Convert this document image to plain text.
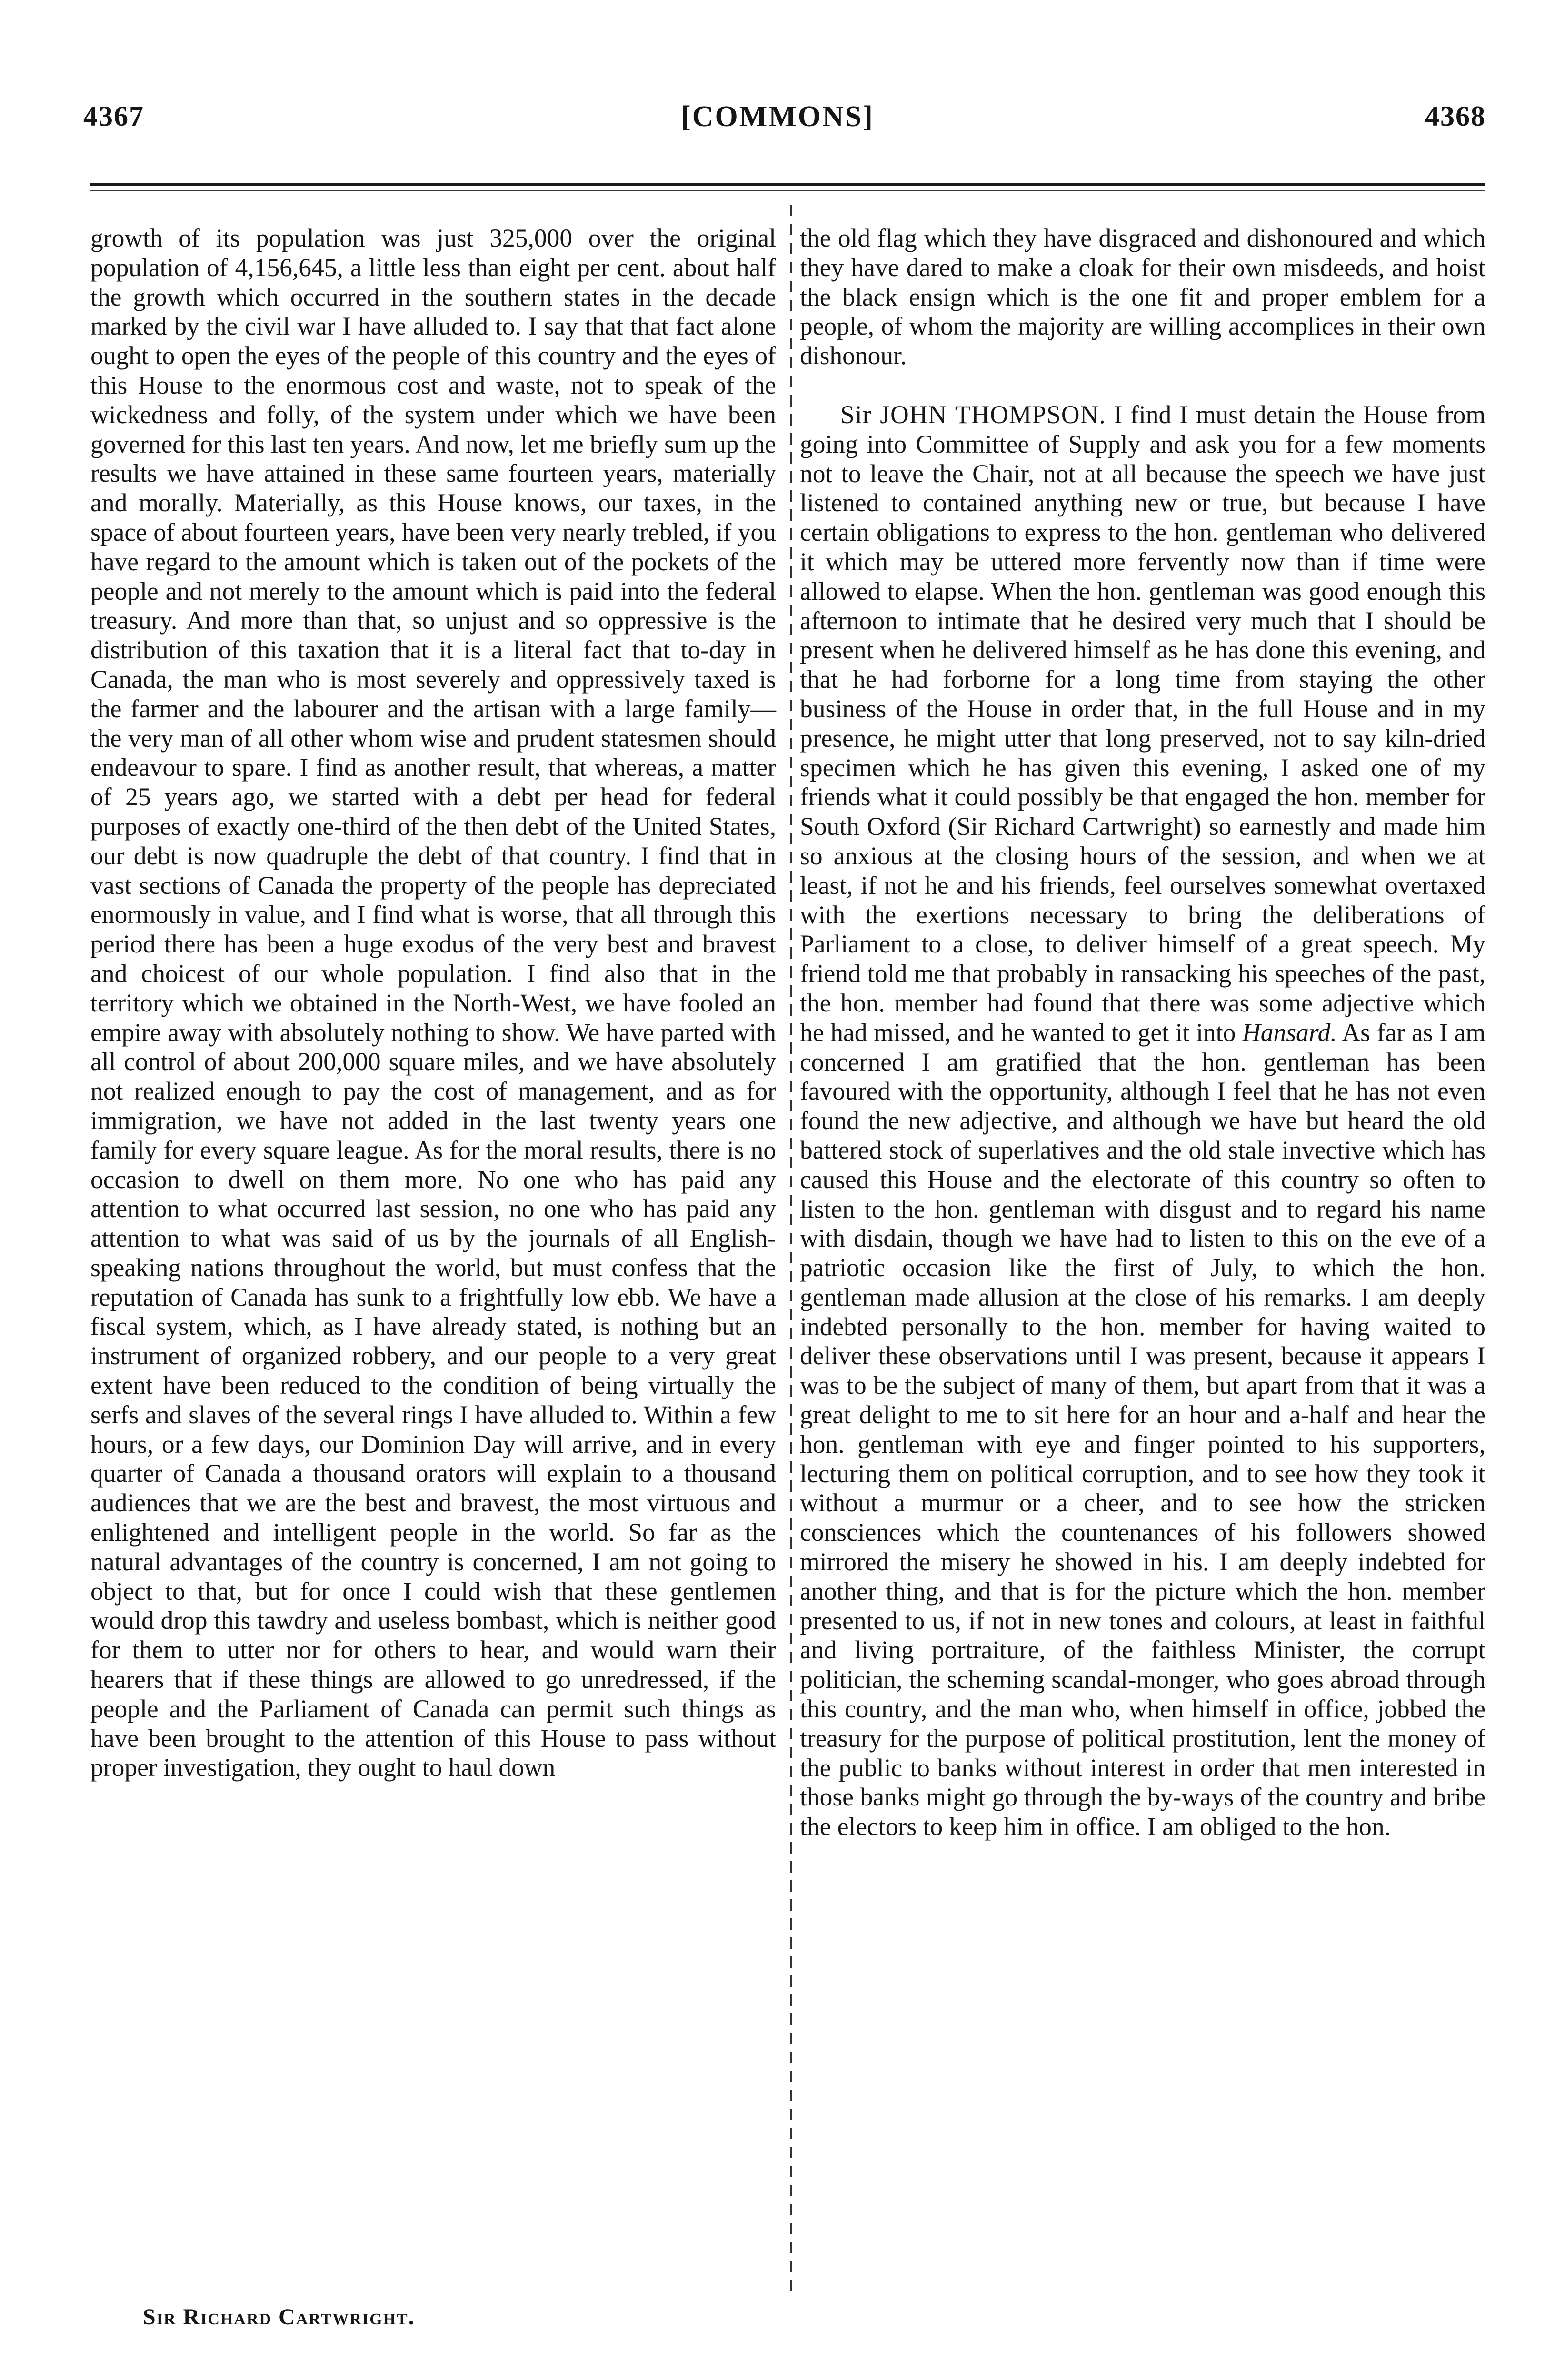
4367	[COMMONS]	4368

growth of its population was just 325,000 over the original population of 4,156,645, a little less than eight per cent. about half the growth which occurred in the southern states in the decade marked by the civil war I have alluded to. I say that that fact alone ought to open the eyes of the people of this country and the eyes of this House to the enormous cost and waste, not to speak of the wickedness and folly, of the system under which we have been governed for this last ten years. And now, let me briefly sum up the results we have attained in these same fourteen years, materially and morally. Materially, as this House knows, our taxes, in the space of about fourteen years, have been very nearly trebled, if you have regard to the amount which is taken out of the pockets of the people and not merely to the amount which is paid into the federal treasury. And more than that, so unjust and so oppressive is the distribution of this taxation that it is a literal fact that to-day in Canada, the man who is most severely and oppressively taxed is the farmer and the labourer and the artisan with a large family—the very man of all other whom wise and prudent statesmen should endeavour to spare. I find as another result, that whereas, a matter of 25 years ago, we started with a debt per head for federal purposes of exactly one-third of the then debt of the United States, our debt is now quadruple the debt of that country. I find that in vast sections of Canada the property of the people has depreciated enormously in value, and I find what is worse, that all through this period there has been a huge exodus of the very best and bravest and choicest of our whole population. I find also that in the territory which we obtained in the North-West, we have fooled an empire away with absolutely nothing to show. We have parted with all control of about 200,000 square miles, and we have absolutely not realized enough to pay the cost of management, and as for immigration, we have not added in the last twenty years one family for every square league. As for the moral results, there is no occasion to dwell on them more. No one who has paid any attention to what occurred last session, no one who has paid any attention to what was said of us by the journals of all English-speaking nations throughout the world, but must confess that the reputation of Canada has sunk to a frightfully low ebb. We have a fiscal system, which, as I have already stated, is nothing but an instrument of organized robbery, and our people to a very great extent have been reduced to the condition of being virtually the serfs and slaves of the several rings I have alluded to. Within a few hours, or a few days, our Dominion Day will arrive, and in every quarter of Canada a thousand orators will explain to a thousand audiences that we are the best and bravest, the most virtuous and enlightened and intelligent people in the world. So far as the natural advantages of the country is concerned, I am not going to object to that, but for once I could wish that these gentlemen would drop this tawdry and useless bombast, which is neither good for them to utter nor for others to hear, and would warn their hearers that if these things are allowed to go unredressed, if the people and the Parliament of Canada can permit such things as have been brought to the attention of this House to pass without proper investigation, they ought to haul down

the old flag which they have disgraced and dishonoured and which they have dared to make a cloak for their own misdeeds, and hoist the black ensign which is the one fit and proper emblem for a people, of whom the majority are willing accomplices in their own dishonour.

Sir JOHN THOMPSON. I find I must detain the House from going into Committee of Supply and ask you for a few moments not to leave the Chair, not at all because the speech we have just listened to contained anything new or true, but because I have certain obligations to express to the hon. gentleman who delivered it which may be uttered more fervently now than if time were allowed to elapse. When the hon. gentleman was good enough this afternoon to intimate that he desired very much that I should be present when he delivered himself as he has done this evening, and that he had forborne for a long time from staying the other business of the House in order that, in the full House and in my presence, he might utter that long preserved, not to say kiln-dried specimen which he has given this evening, I asked one of my friends what it could possibly be that engaged the hon. member for South Oxford (Sir Richard Cartwright) so earnestly and made him so anxious at the closing hours of the session, and when we at least, if not he and his friends, feel ourselves somewhat overtaxed with the exertions necessary to bring the deliberations of Parliament to a close, to deliver himself of a great speech. My friend told me that probably in ransacking his speeches of the past, the hon. member had found that there was some adjective which he had missed, and he wanted to get it into Hansard. As far as I am concerned I am gratified that the hon. gentleman has been favoured with the opportunity, although I feel that he has not even found the new adjective, and although we have but heard the old battered stock of superlatives and the old stale invective which has caused this House and the electorate of this country so often to listen to the hon. gentleman with disgust and to regard his name with disdain, though we have had to listen to this on the eve of a patriotic occasion like the first of July, to which the hon. gentleman made allusion at the close of his remarks. I am deeply indebted personally to the hon. member for having waited to deliver these observations until I was present, because it appears I was to be the subject of many of them, but apart from that it was a great delight to me to sit here for an hour and a-half and hear the hon. gentleman with eye and finger pointed to his supporters, lecturing them on political corruption, and to see how they took it without a murmur or a cheer, and to see how the stricken consciences which the countenances of his followers showed mirrored the misery he showed in his. I am deeply indebted for another thing, and that is for the picture which the hon. member presented to us, if not in new tones and colours, at least in faithful and living portraiture, of the faithless Minister, the corrupt politician, the scheming scandal-monger, who goes abroad through this country, and the man who, when himself in office, jobbed the treasury for the purpose of political prostitution, lent the money of the public to banks without interest in order that men interested in those banks might go through the by-ways of the country and bribe the electors to keep him in office. I am obliged to the hon.

Sir Richard Cartwright.
